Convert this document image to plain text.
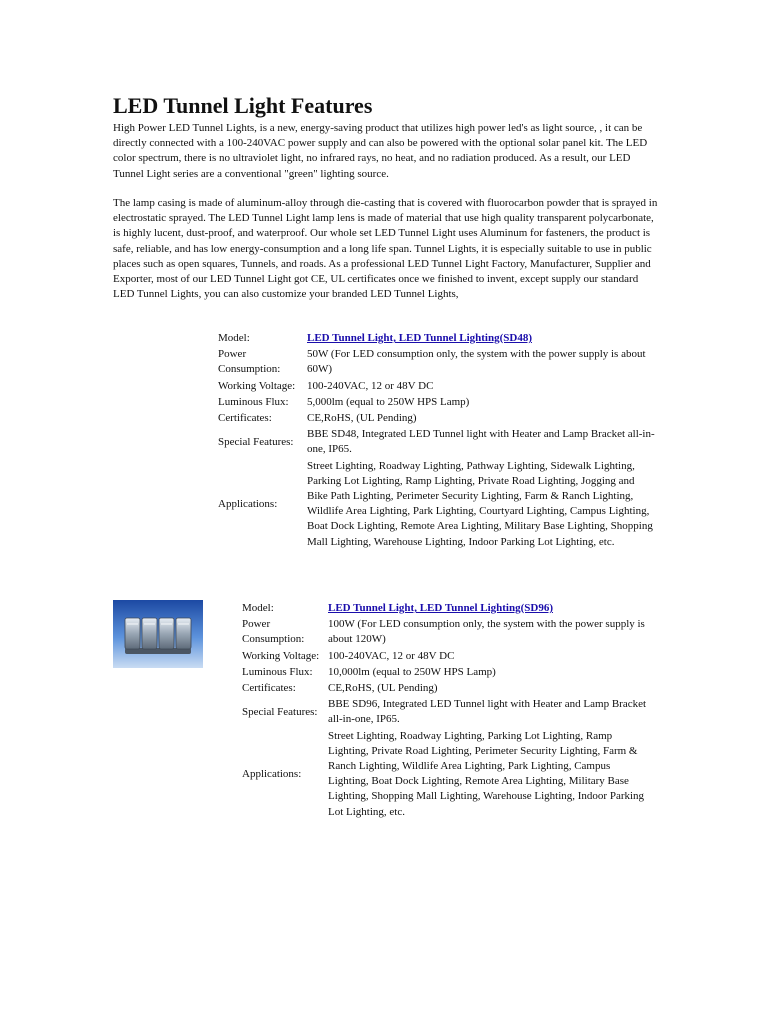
LED Tunnel Light Features

High Power LED Tunnel Lights, is a new, energy-saving product that utilizes high power led's as light source, , it can be directly connected with a 100-240VAC power supply and can also be powered with the optional solar panel kit. The LED color spectrum, there is no ultraviolet light, no infrared rays, no heat, and no radiation produced. As a result, our LED Tunnel Light series are a conventional "green" lighting source.

The lamp casing is made of aluminum-alloy through die-casting that is covered with fluorocarbon powder that is sprayed in electrostatic sprayed. The LED Tunnel Light lamp lens is made of material that use high quality transparent polycarbonate, is highly lucent, dust-proof, and waterproof. Our whole set LED Tunnel Light uses Aluminum for fasteners, the product is safe, reliable, and has low energy-consumption and a long life span. Tunnel Lights, it is especially suitable to use in public places such as open squares, Tunnels, and roads. As a professional LED Tunnel Light Factory, Manufacturer, Supplier and Exporter, most of our LED Tunnel Light got CE, UL certificates once we finished to invent, except supply our standard LED Tunnel Lights, you can also customize your branded LED Tunnel Lights,

Model:	LED Tunnel Light, LED Tunnel Lighting(SD48)
Power Consumption:	50W (For LED consumption only, the system with the power supply is about 60W)
Working Voltage:	100-240VAC, 12 or 48V DC
Luminous Flux:	5,000lm (equal to 250W HPS Lamp)
Certificates:	CE,RoHS, (UL Pending)
Special Features:	BBE SD48, Integrated LED Tunnel light with Heater and Lamp Bracket all-in-one, IP65.
Applications:	Street Lighting, Roadway Lighting, Pathway Lighting, Sidewalk Lighting, Parking Lot Lighting, Ramp Lighting, Private Road Lighting, Jogging and Bike Path Lighting, Perimeter Security Lighting, Farm & Ranch Lighting, Wildlife Area Lighting, Park Lighting, Courtyard Lighting, Campus Lighting, Boat Dock Lighting, Remote Area Lighting, Military Base Lighting, Shopping Mall Lighting, Warehouse Lighting, Indoor Parking Lot Lighting, etc.
Model:	LED Tunnel Light, LED Tunnel Lighting(SD96)
Power Consumption:	100W (For LED consumption only, the system with the power supply is about 120W)
Working Voltage:	100-240VAC, 12 or 48V DC
Luminous Flux:	10,000lm (equal to 250W HPS Lamp)
Certificates:	CE,RoHS, (UL Pending)
Special Features:	BBE SD96, Integrated LED Tunnel light with Heater and Lamp Bracket all-in-one, IP65.
Applications:	Street Lighting, Roadway Lighting, Parking Lot Lighting, Ramp Lighting, Private Road Lighting, Perimeter Security Lighting, Farm & Ranch Lighting, Wildlife Area Lighting, Park Lighting, Campus Lighting, Boat Dock Lighting, Remote Area Lighting, Military Base Lighting, Shopping Mall Lighting, Warehouse Lighting, Indoor Parking Lot Lighting, etc.
